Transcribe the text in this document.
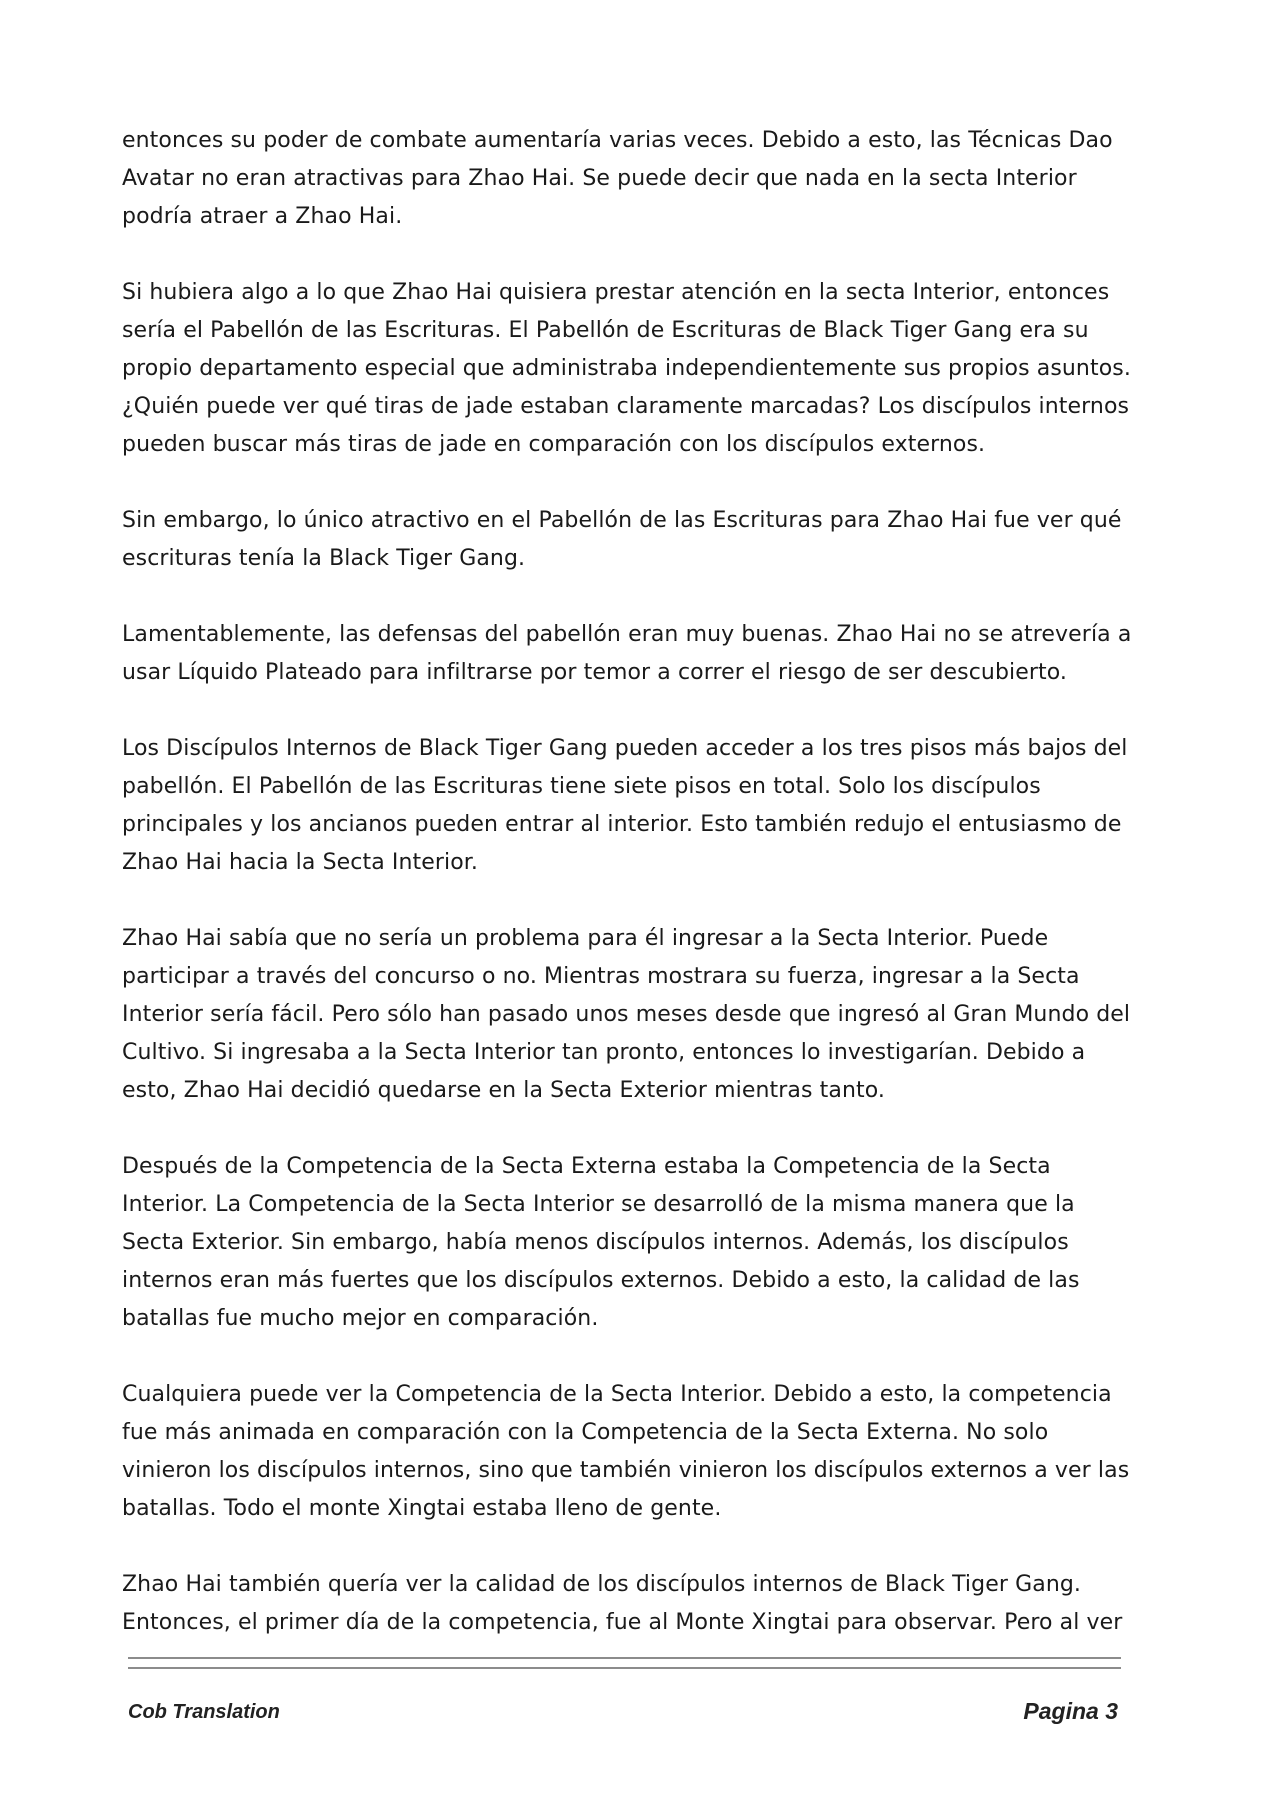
entonces su poder de combate aumentaría varias veces. Debido a esto, las Técnicas Dao Avatar no eran atractivas para Zhao Hai. Se puede decir que nada en la secta Interior podría atraer a Zhao Hai.

Si hubiera algo a lo que Zhao Hai quisiera prestar atención en la secta Interior, entonces sería el Pabellón de las Escrituras. El Pabellón de Escrituras de Black Tiger Gang era su propio departamento especial que administraba independientemente sus propios asuntos. ¿Quién puede ver qué tiras de jade estaban claramente marcadas? Los discípulos internos pueden buscar más tiras de jade en comparación con los discípulos externos.

Sin embargo, lo único atractivo en el Pabellón de las Escrituras para Zhao Hai fue ver qué escrituras tenía la Black Tiger Gang.

Lamentablemente, las defensas del pabellón eran muy buenas. Zhao Hai no se atrevería a usar Líquido Plateado para infiltrarse por temor a correr el riesgo de ser descubierto.

Los Discípulos Internos de Black Tiger Gang pueden acceder a los tres pisos más bajos del pabellón. El Pabellón de las Escrituras tiene siete pisos en total. Solo los discípulos principales y los ancianos pueden entrar al interior. Esto también redujo el entusiasmo de Zhao Hai hacia la Secta Interior.

Zhao Hai sabía que no sería un problema para él ingresar a la Secta Interior. Puede participar a través del concurso o no. Mientras mostrara su fuerza, ingresar a la Secta Interior sería fácil. Pero sólo han pasado unos meses desde que ingresó al Gran Mundo del Cultivo. Si ingresaba a la Secta Interior tan pronto, entonces lo investigarían. Debido a esto, Zhao Hai decidió quedarse en la Secta Exterior mientras tanto.

Después de la Competencia de la Secta Externa estaba la Competencia de la Secta Interior. La Competencia de la Secta Interior se desarrolló de la misma manera que la Secta Exterior. Sin embargo, había menos discípulos internos. Además, los discípulos internos eran más fuertes que los discípulos externos. Debido a esto, la calidad de las batallas fue mucho mejor en comparación.

Cualquiera puede ver la Competencia de la Secta Interior. Debido a esto, la competencia fue más animada en comparación con la Competencia de la Secta Externa. No solo vinieron los discípulos internos, sino que también vinieron los discípulos externos a ver las batallas. Todo el monte Xingtai estaba lleno de gente.

Zhao Hai también quería ver la calidad de los discípulos internos de Black Tiger Gang. Entonces, el primer día de la competencia, fue al Monte Xingtai para observar. Pero al ver

Cob Translation	Pagina 3
